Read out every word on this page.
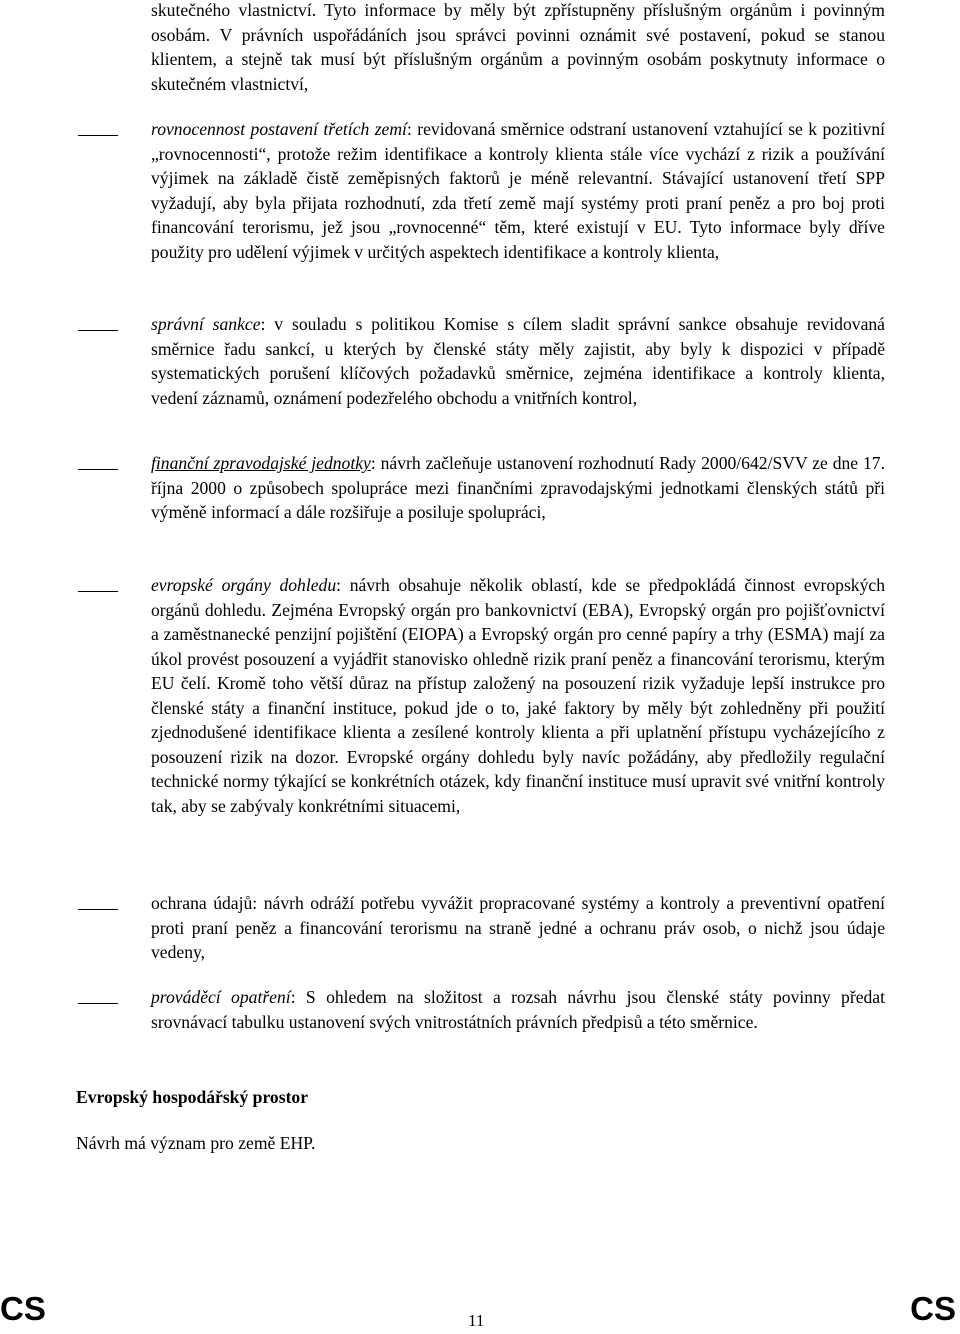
skutečného vlastnictví. Tyto informace by měly být zpřístupněny příslušným orgánům i povinným osobám. V právních uspořádáních jsou správci povinni oznámit své postavení, pokud se stanou klientem, a stejně tak musí být příslušným orgánům a povinným osobám poskytnuty informace o skutečném vlastnictví,

rovnocennost postavení třetích zemí: revidovaná směrnice odstraní ustanovení vztahující se k pozitivní „rovnocennosti“, protože režim identifikace a kontroly klienta stále více vychází z rizik a používání výjimek na základě čistě zeměpisných faktorů je méně relevantní. Stávající ustanovení třetí SPP vyžadují, aby byla přijata rozhodnutí, zda třetí země mají systémy proti praní peněz a pro boj proti financování terorismu, jež jsou „rovnocenné“ těm, které existují v EU. Tyto informace byly dříve použity pro udělení výjimek v určitých aspektech identifikace a kontroly klienta,

správní sankce: v souladu s politikou Komise s cílem sladit správní sankce obsahuje revidovaná směrnice řadu sankcí, u kterých by členské státy měly zajistit, aby byly k dispozici v případě systematických porušení klíčových požadavků směrnice, zejména identifikace a kontroly klienta, vedení záznamů, oznámení podezřelého obchodu a vnitřních kontrol,

finanční zpravodajské jednotky: návrh začleňuje ustanovení rozhodnutí Rady 2000/642/SVV ze dne 17. října 2000 o způsobech spolupráce mezi finančními zpravodajskými jednotkami členských států při výměně informací a dále rozšiřuje a posiluje spolupráci,

evropské orgány dohledu: návrh obsahuje několik oblastí, kde se předpokládá činnost evropských orgánů dohledu. Zejména Evropský orgán pro bankovnictví (EBA), Evropský orgán pro pojišťovnictví a zaměstnanecké penzijní pojištění (EIOPA) a Evropský orgán pro cenné papíry a trhy (ESMA) mají za úkol provést posouzení a vyjádřit stanovisko ohledně rizik praní peněz a financování terorismu, kterým EU čelí. Kromě toho větší důraz na přístup založený na posouzení rizik vyžaduje lepší instrukce pro členské státy a finanční instituce, pokud jde o to, jaké faktory by měly být zohledněny při použití zjednodušené identifikace klienta a zesílené kontroly klienta a při uplatnění přístupu vycházejícího z posouzení rizik na dozor. Evropské orgány dohledu byly navíc požádány, aby předložily regulační technické normy týkající se konkrétních otázek, kdy finanční instituce musí upravit své vnitřní kontroly tak, aby se zabývaly konkrétními situacemi,

ochrana údajů: návrh odráží potřebu vyvážit propracované systémy a kontroly a preventivní opatření proti praní peněz a financování terorismu na straně jedné a ochranu práv osob, o nichž jsou údaje vedeny,

prováděcí opatření: S ohledem na složitost a rozsah návrhu jsou členské státy povinny předat srovnávací tabulku ustanovení svých vnitrostátních právních předpisů a této směrnice.

Evropský hospodářský prostor

Návrh má význam pro země EHP.

CS	11	CS
